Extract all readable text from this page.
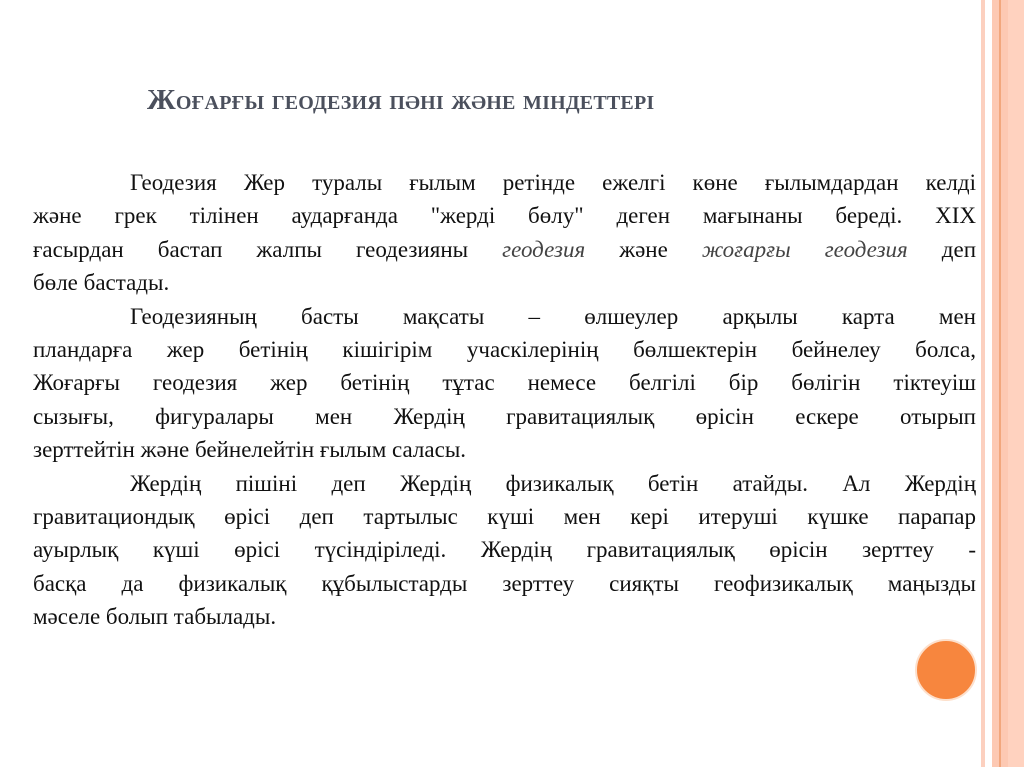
Жоғарғы геодезия пәні және міндеттері
Геодезия Жер туралы ғылым ретінде ежелгі көне ғылымдардан келді
және грек тілінен аударғанда "жерді бөлу" деген мағынаны береді. XIX
ғасырдан бастап жалпы геодезияны геодезия және жоғарғы геодезия деп
бөле бастады.
Геодезияның басты мақсаты – өлшеулер арқылы карта мен
пландарға жер бетінің кішігірім учаскілерінің бөлшектерін бейнелеу болса,
Жоғарғы геодезия жер бетінің тұтас немесе белгілі бір бөлігін тіктеуіш
сызығы, фигуралары мен Жердің гравитациялық өрісін ескере отырып
зерттейтін және бейнелейтін ғылым саласы.
Жердің пішіні деп Жердің физикалық бетін атайды. Ал Жердің
гравитациондық өрісі деп тартылыс күші мен кері итеруші күшке парапар
ауырлық күші өрісі түсіндіріледі. Жердің гравитациялық өрісін зерттеу -
басқа да физикалық құбылыстарды зерттеу сияқты геофизикалық маңызды
мәселе болып табылады.
